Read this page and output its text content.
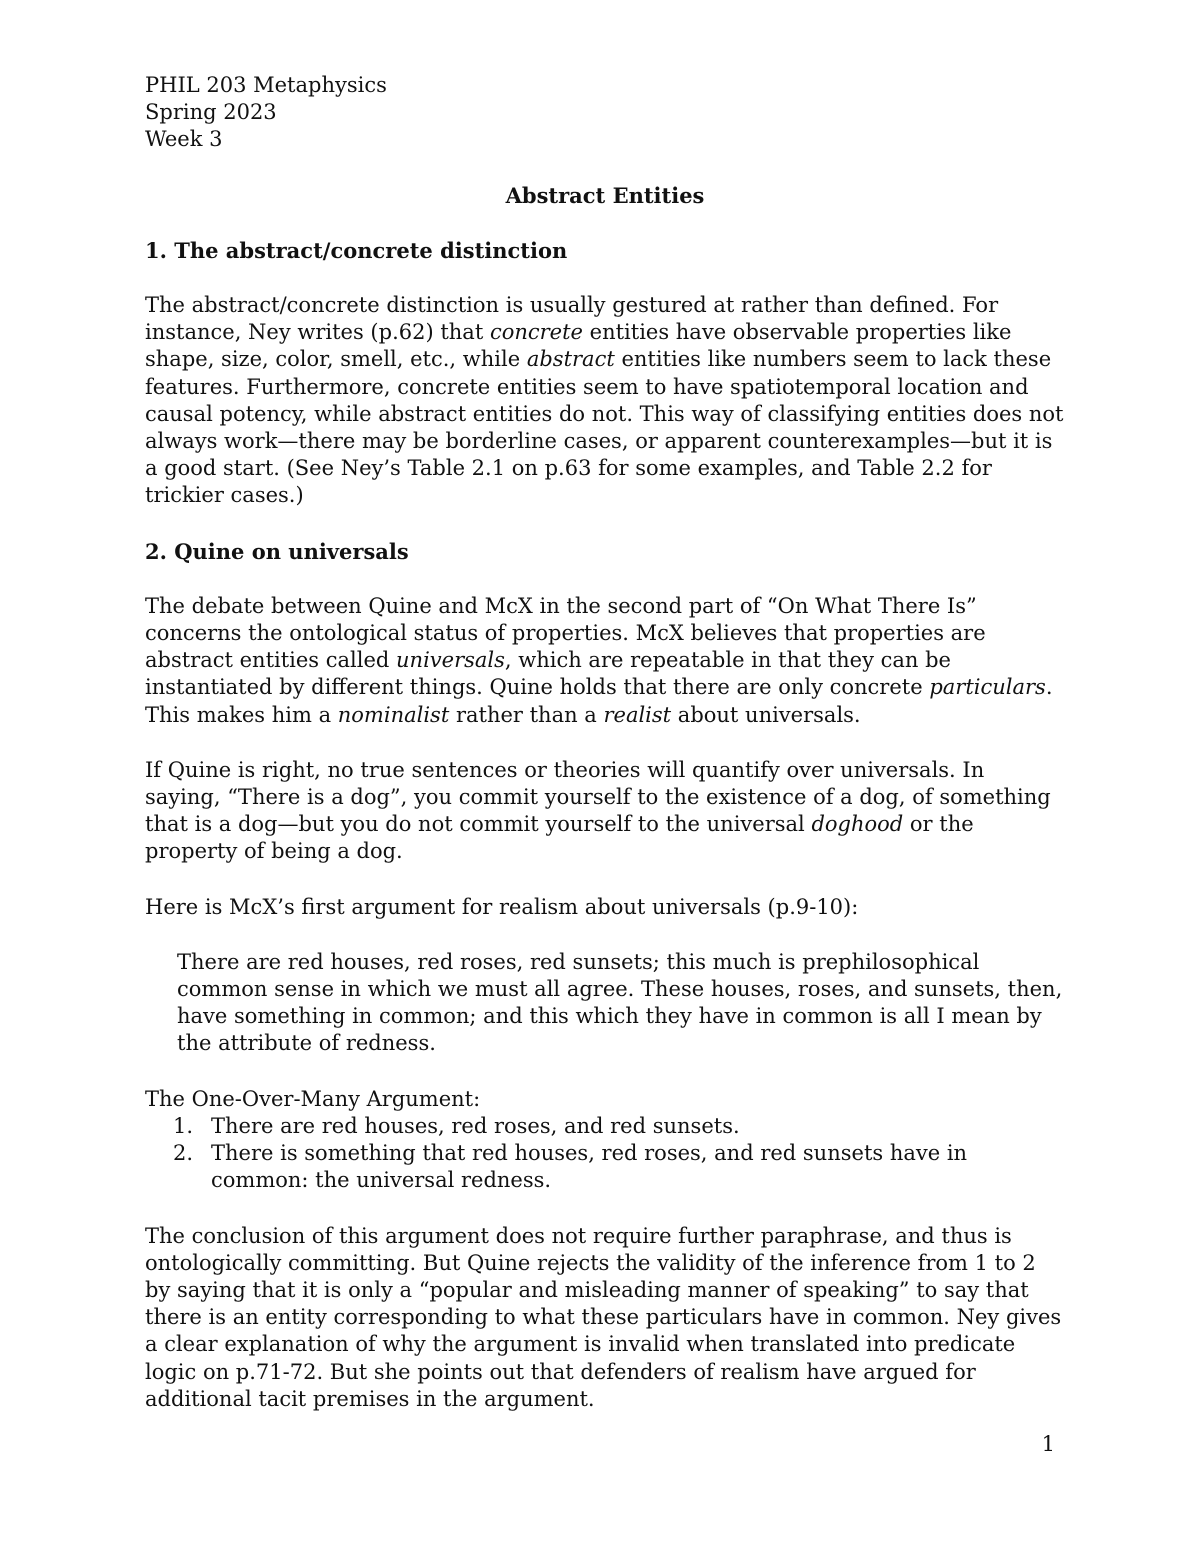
PHIL 203 Metaphysics
Spring 2023
Week 3
Abstract Entities
1. The abstract/concrete distinction

The abstract/concrete distinction is usually gestured at rather than defined. For instance, Ney writes (p.62) that concrete entities have observable properties like shape, size, color, smell, etc., while abstract entities like numbers seem to lack these features. Furthermore, concrete entities seem to have spatiotemporal location and causal potency, while abstract entities do not. This way of classifying entities does not always work—there may be borderline cases, or apparent counterexamples—but it is a good start. (See Ney’s Table 2.1 on p.63 for some examples, and Table 2.2 for trickier cases.)

2. Quine on universals

The debate between Quine and McX in the second part of “On What There Is” concerns the ontological status of properties. McX believes that properties are abstract entities called universals, which are repeatable in that they can be instantiated by different things. Quine holds that there are only concrete particulars. This makes him a nominalist rather than a realist about universals.

If Quine is right, no true sentences or theories will quantify over universals. In saying, “There is a dog”, you commit yourself to the existence of a dog, of something that is a dog—but you do not commit yourself to the universal doghood or the property of being a dog.

Here is McX’s first argument for realism about universals (p.9-10):

There are red houses, red roses, red sunsets; this much is prephilosophical common sense in which we must all agree. These houses, roses, and sunsets, then, have something in common; and this which they have in common is all I mean by the attribute of redness.
The One-Over-Many Argument:
1. There are red houses, red roses, and red sunsets.
2. There is something that red houses, red roses, and red sunsets have in common: the universal redness.

The conclusion of this argument does not require further paraphrase, and thus is ontologically committing. But Quine rejects the validity of the inference from 1 to 2 by saying that it is only a “popular and misleading manner of speaking” to say that there is an entity corresponding to what these particulars have in common. Ney gives a clear explanation of why the argument is invalid when translated into predicate logic on p.71-72. But she points out that defenders of realism have argued for additional tacit premises in the argument.

1
